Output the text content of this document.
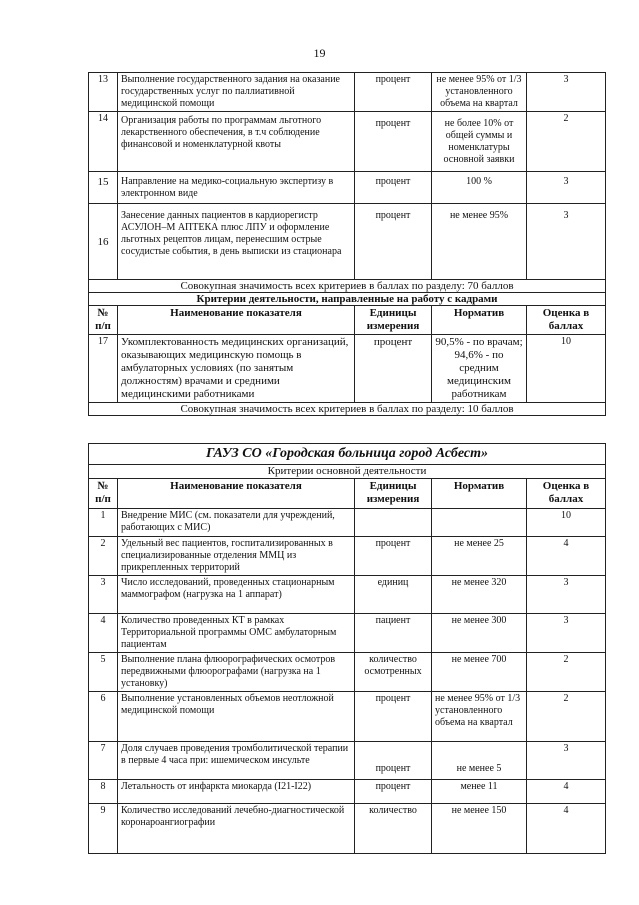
19
13	Выполнение государственного задания на оказание государственных услуг по паллиативной медицинской помощи	процент	не менее 95% от 1/3 установленного объема на квартал	3
14	Организация работы по программам льготного лекарственного обеспечения, в т.ч соблюдение финансовой и номенклатурной квоты	процент	не более 10% от общей суммы и номенклатуры основной заявки	2
15	Направление на медико-социальную экспертизу в электронном виде	процент	100 %	3
16	Занесение данных пациентов в кардиорегистр АСУЛОН–М АПТЕКА плюс ЛПУ и оформление льготных рецептов лицам, перенесшим острые сосудистые события, в день выписки из стационара	процент	не менее 95%	3
Совокупная значимость всех критериев в баллах по разделу: 70 баллов				
Критерии деятельности, направленные на работу с кадрами				
№ п/п	Наименование показателя	Единицы измерения	Норматив	Оценка в баллах
17	Укомплектованность медицинских организаций, оказывающих медицинскую помощь в амбулаторных условиях (по занятым должностям) врачами и средними медицинскими работниками	процент	90,5% - по врачам; 94,6% - по средним медицинским работникам	10
Совокупная значимость всех критериев в баллах по разделу: 10 баллов				
ГАУЗ СО «Городская больница город Асбест»				
Критерии основной деятельности				
№ п/п	Наименование показателя	Единицы измерения	Норматив	Оценка в баллах
1	Внедрение МИС (см. показатели для учреждений, работающих с МИС)			10
2	Удельный вес пациентов, госпитализированных в специализированные отделения ММЦ из прикрепленных территорий	процент	не менее 25	4
3	Число исследований, проведенных стационарным маммографом (нагрузка на 1 аппарат)	единиц	не менее 320	3
4	Количество проведенных КТ в рамках Территориальной программы ОМС амбулаторным пациентам	пациент	не менее 300	3
5	Выполнение плана флюорографических осмотров передвижными флюорографами (нагрузка на 1 установку)	количество осмотренных	не менее 700	2
6	Выполнение установленных объемов неотложной медицинской помощи	процент	не менее 95% от 1/3 установленного объема на квартал	2
7	Доля случаев проведения тромболитической терапии в первые 4 часа при: ишемическом инсульте	процент	не менее 5	3
8	Летальность от инфаркта миокарда (I21-I22)	процент	менее 11	4
9	Количество исследований лечебно-диагностической коронароангиографии	количество	не менее 150	4
